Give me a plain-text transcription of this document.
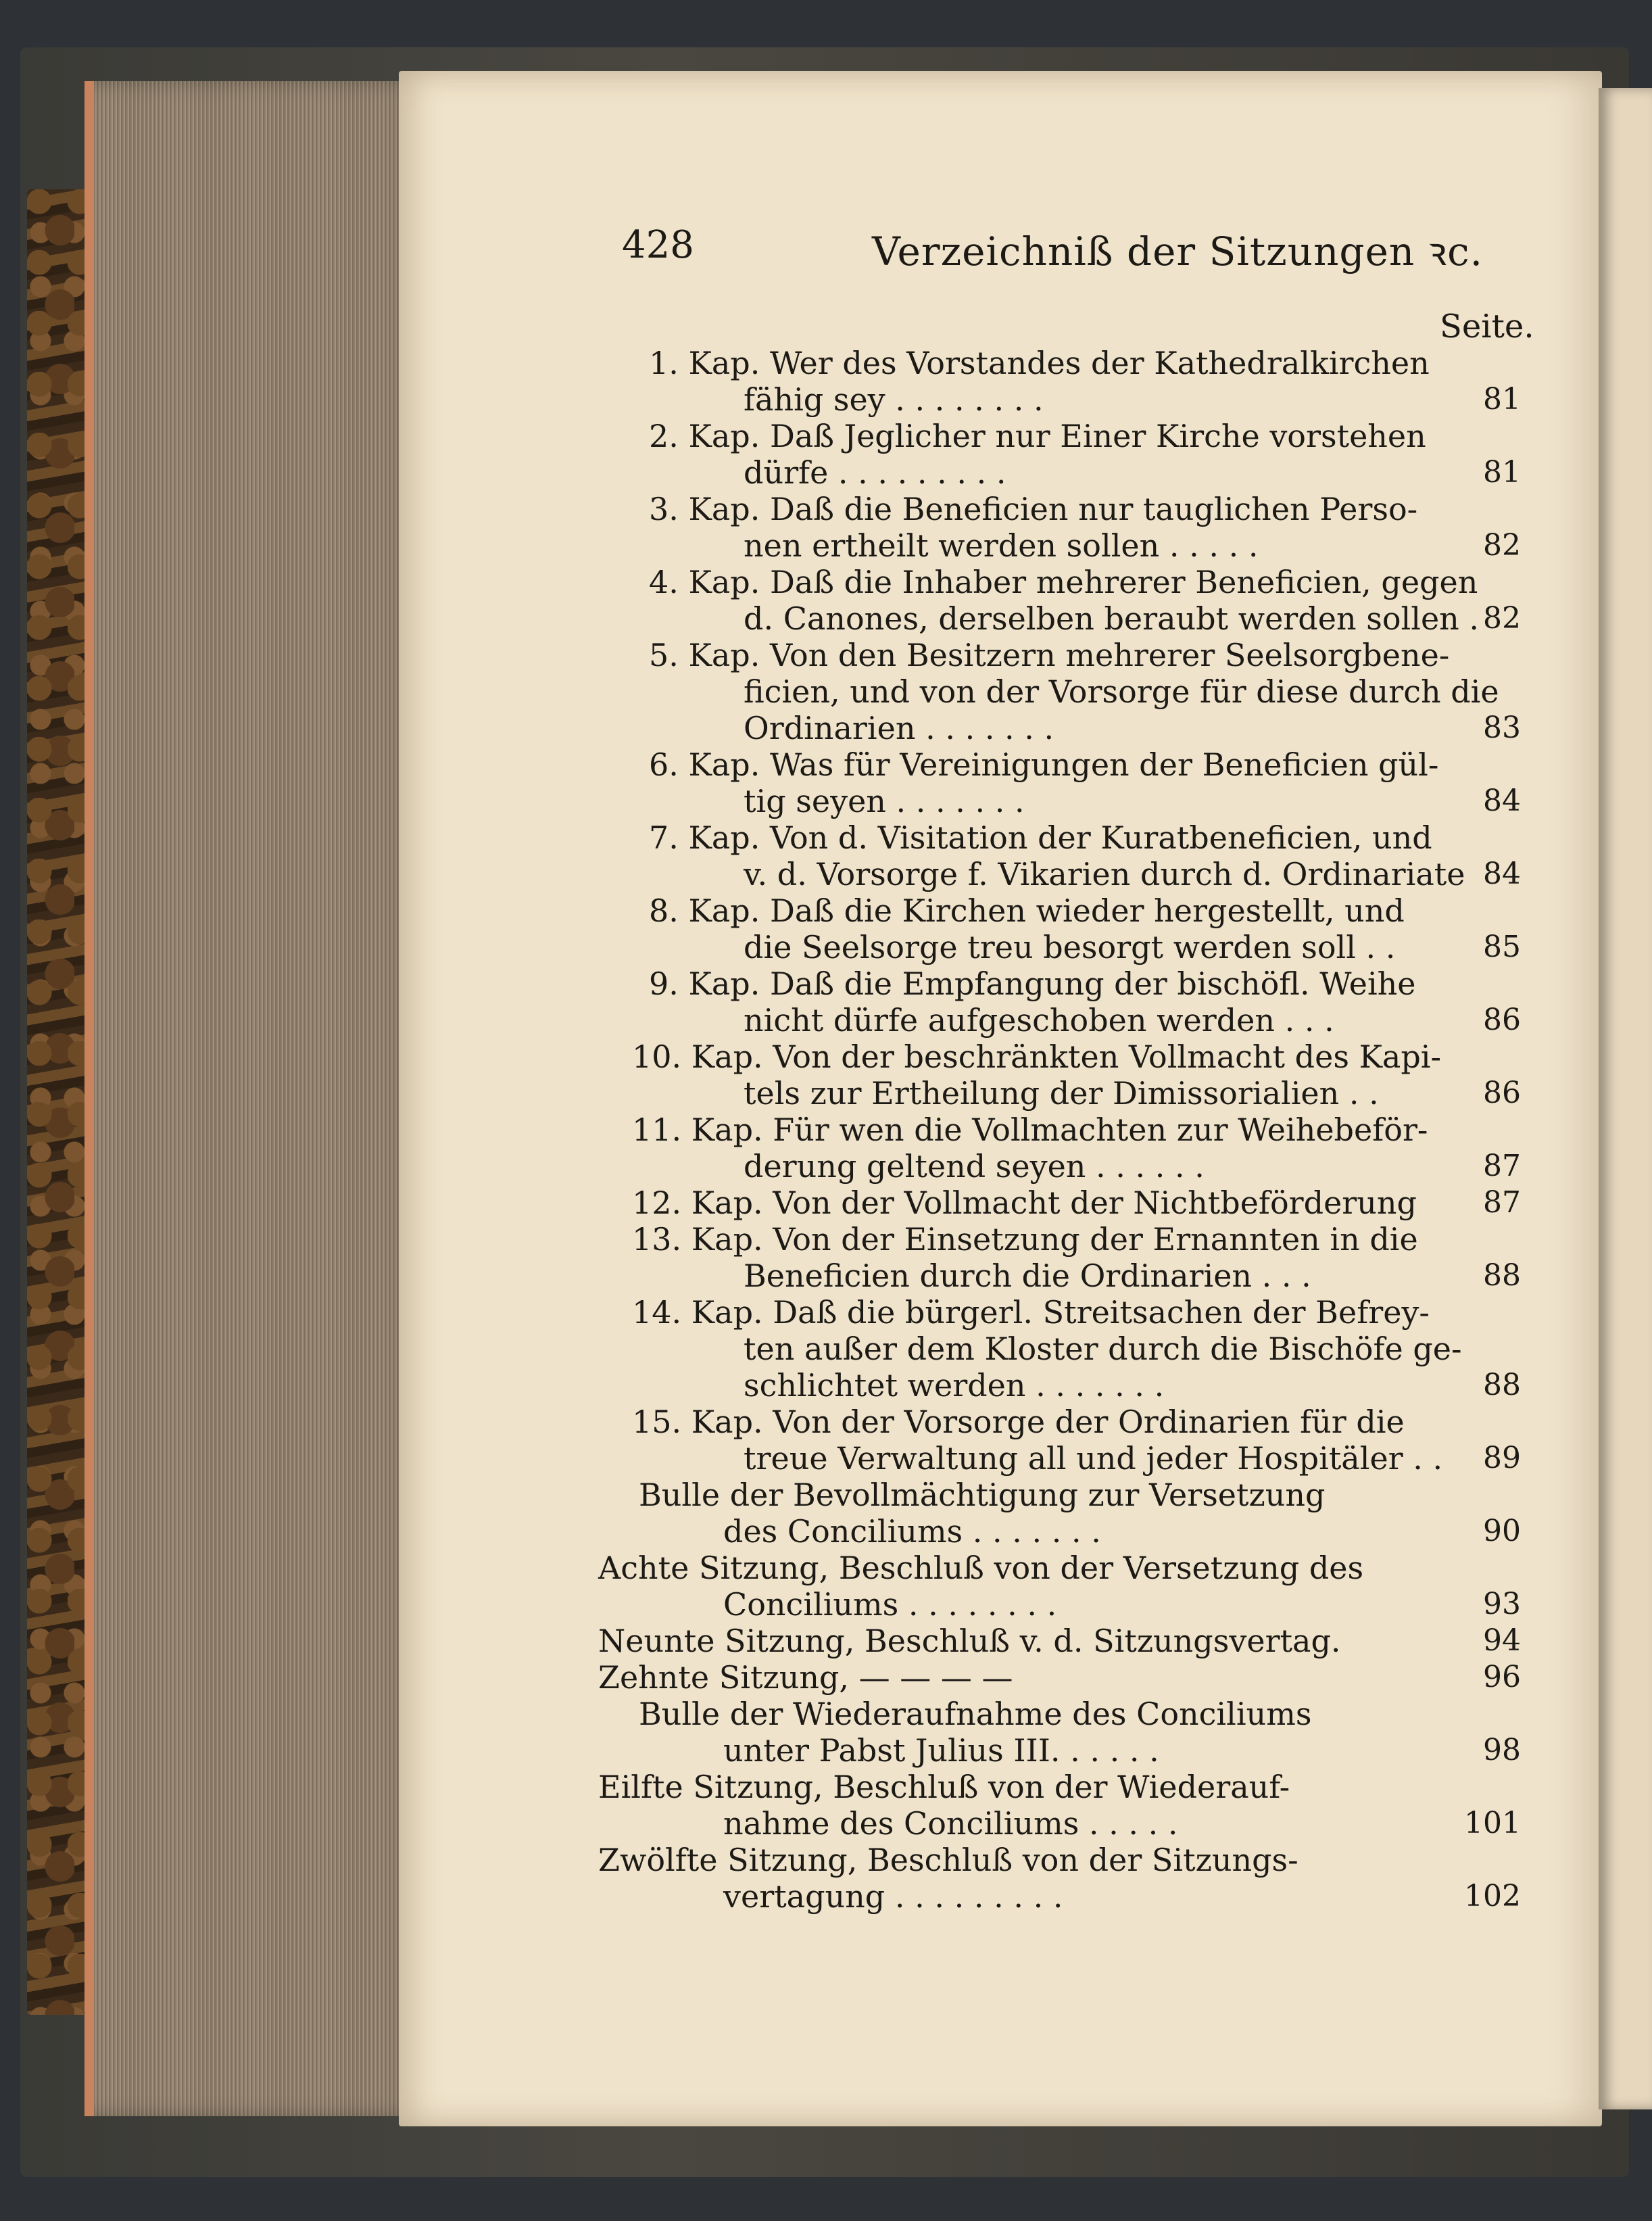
428	Verzeichniß der Sitzungen ꝛc.
Seite.
1. Kap. Wer des Vorstandes der Kathedralkirchen
fähig sey . . . . . . . .	81
2. Kap. Daß Jeglicher nur Einer Kirche vorstehen
dürfe . . . . . . . . .	81
3. Kap. Daß die Beneficien nur tauglichen Perso-
nen ertheilt werden sollen . . . . .	82
4. Kap. Daß die Inhaber mehrerer Beneficien, gegen
d. Canones, derselben beraubt werden sollen . 82
5. Kap. Von den Besitzern mehrerer Seelsorgbene-
ficien, und von der Vorsorge für diese durch die
Ordinarien . . . . . . .	83
6. Kap. Was für Vereinigungen der Beneficien gül-
tig seyen . . . . . . .	84
7. Kap. Von d. Visitation der Kuratbeneficien, und
v. d. Vorsorge f. Vikarien durch d. Ordinariate 84
8. Kap. Daß die Kirchen wieder hergestellt, und
die Seelsorge treu besorgt werden soll . .	85
9. Kap. Daß die Empfangung der bischöfl. Weihe
nicht dürfe aufgeschoben werden . . .	86
10. Kap. Von der beschränkten Vollmacht des Kapi-
tels zur Ertheilung der Dimissorialien . .	86
11. Kap. Für wen die Vollmachten zur Weihebeför-
derung geltend seyen . . . . . .	87
12. Kap. Von der Vollmacht der Nichtbeförderung	87
13. Kap. Von der Einsetzung der Ernannten in die
Beneficien durch die Ordinarien . . .	88
14. Kap. Daß die bürgerl. Streitsachen der Befrey-
ten außer dem Kloster durch die Bischöfe ge-
schlichtet werden . . . . . . .	88
15. Kap. Von der Vorsorge der Ordinarien für die
treue Verwaltung all und jeder Hospitäler . .	89
Bulle der Bevollmächtigung zur Versetzung
des Conciliums . . . . . . .	90
Achte Sitzung, Beschluß von der Versetzung des
Conciliums . . . . . . . .	93
Neunte Sitzung, Beschluß v. d. Sitzungsvertag.	94
Zehnte Sitzung, — — — —	96
Bulle der Wiederaufnahme des Conciliums
unter Pabst Julius III. . . . . .	98
Eilfte Sitzung, Beschluß von der Wiederauf-
nahme des Conciliums . . . . .	101
Zwölfte Sitzung, Beschluß von der Sitzungs-
vertagung . . . . . . . . .	102
